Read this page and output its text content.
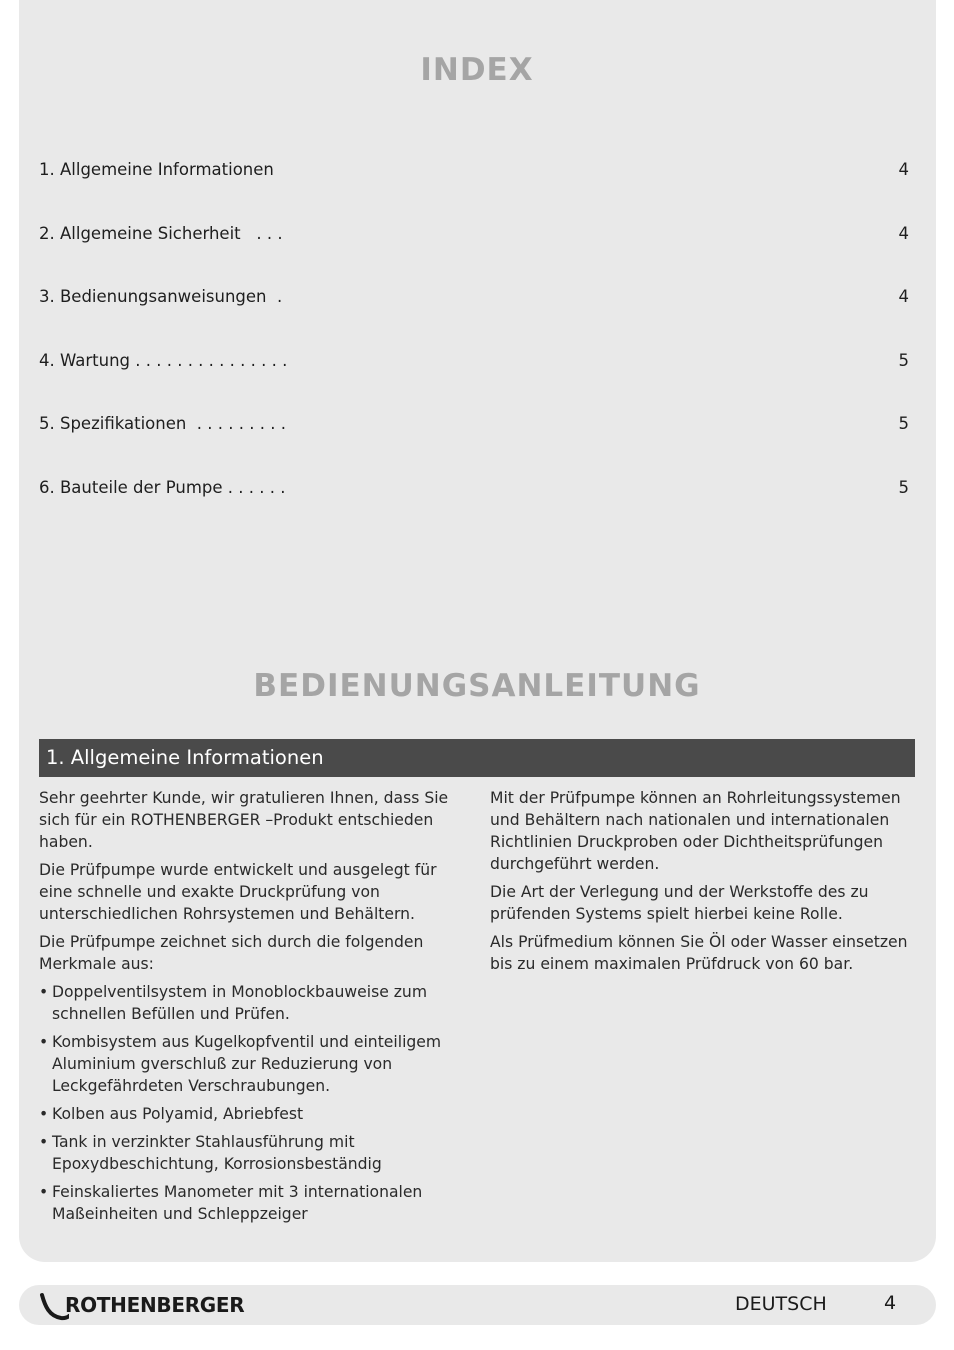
INDEX
1. Allgemeine Informationen	4
2. Allgemeine Sicherheit   . . .	4
3. Bedienungsanweisungen  .	4
4. Wartung . . . . . . . . . . . . . . .	5
5. Spezifikationen  . . . . . . . . .	5
6. Bauteile der Pumpe . . . . . .	5
BEDIENUNGSANLEITUNG
1. Allgemeine Informationen

Sehr geehrter Kunde, wir gratulieren Ihnen, dass Sie sich für ein ROTHENBERGER –Produkt entschieden haben.

Die Prüfpumpe wurde entwickelt und ausgelegt für eine schnelle und exakte Druckprüfung von unterschiedlichen Rohrsystemen und Behältern.

Die Prüfpumpe zeichnet sich durch die folgenden Merkmale aus:

• Doppelventilsystem in Monoblockbauweise zum schnellen Befüllen und Prüfen.
• Kombisystem aus Kugelkopfventil und einteiligem Aluminium gverschluß zur Reduzierung von Leckgefährdeten Verschraubungen.
• Kolben aus Polyamid, Abriebfest
• Tank in verzinkter Stahlausführung mit Epoxydbeschichtung, Korrosionsbeständig
• Feinskaliertes Manometer mit 3 internationalen Maßeinheiten und Schleppzeiger

Mit der Prüfpumpe können an Rohrleitungssystemen und Behältern nach nationalen und internationalen Richtlinien Druckproben oder Dichtheitsprüfungen durchgeführt werden.

Die Art der Verlegung und der Werkstoffe des zu prüfenden Systems spielt hierbei keine Rolle.

Als Prüfmedium können Sie Öl oder Wasser einsetzen bis zu einem maximalen Prüfdruck von 60 bar.

ROTHENBERGER	DEUTSCH	4
